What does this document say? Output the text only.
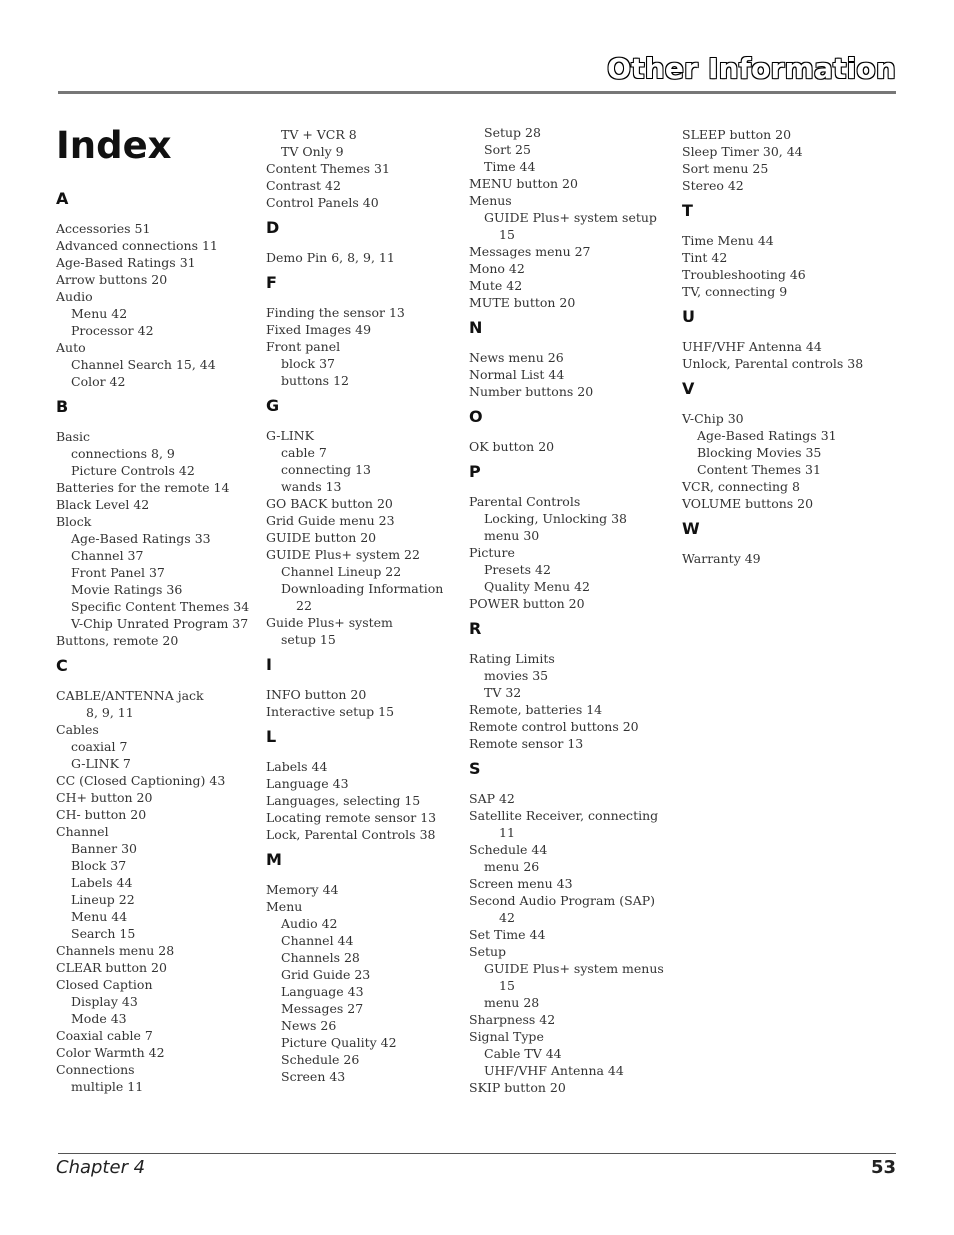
Other Information
Index
A
Accessories 51
Advanced connections 11
Age-Based Ratings 31
Arrow buttons 20
Audio
Menu 42
Processor 42
Auto
Channel Search 15, 44
Color 42
B
Basic
connections 8, 9
Picture Controls 42
Batteries for the remote 14
Black Level 42
Block
Age-Based Ratings 33
Channel 37
Front Panel 37
Movie Ratings 36
Specific Content Themes 34
V-Chip Unrated Program 37
Buttons, remote 20
C
CABLE/ANTENNA jack
8, 9, 11
Cables
coaxial 7
G-LINK 7
CC (Closed Captioning) 43
CH+ button 20
CH- button 20
Channel
Banner 30
Block 37
Labels 44
Lineup 22
Menu 44
Search 15
Channels menu 28
CLEAR button 20
Closed Caption
Display 43
Mode 43
Coaxial cable 7
Color Warmth 42
Connections
multiple 11
TV + VCR 8
TV Only 9
Content Themes 31
Contrast 42
Control Panels 40
D
Demo Pin 6, 8, 9, 11
F
Finding the sensor 13
Fixed Images 49
Front panel
block 37
buttons 12
G
G-LINK
cable 7
connecting 13
wands 13
GO BACK button 20
Grid Guide menu 23
GUIDE button 20
GUIDE Plus+ system 22
Channel Lineup 22
Downloading Information
22
Guide Plus+ system
setup 15
I
INFO button 20
Interactive setup 15
L
Labels 44
Language 43
Languages, selecting 15
Locating remote sensor 13
Lock, Parental Controls 38
M
Memory 44
Menu
Audio 42
Channel 44
Channels 28
Grid Guide 23
Language 43
Messages 27
News 26
Picture Quality 42
Schedule 26
Screen 43
Setup 28
Sort 25
Time 44
MENU button 20
Menus
GUIDE Plus+ system setup
15
Messages menu 27
Mono 42
Mute 42
MUTE button 20
N
News menu 26
Normal List 44
Number buttons 20
O
OK button 20
P
Parental Controls
Locking, Unlocking 38
menu 30
Picture
Presets 42
Quality Menu 42
POWER button 20
R
Rating Limits
movies 35
TV 32
Remote, batteries 14
Remote control buttons 20
Remote sensor 13
S
SAP 42
Satellite Receiver, connecting
11
Schedule 44
menu 26
Screen menu 43
Second Audio Program (SAP)
42
Set Time 44
Setup
GUIDE Plus+ system menus
15
menu 28
Sharpness 42
Signal Type
Cable TV 44
UHF/VHF Antenna 44
SKIP button 20
SLEEP button 20
Sleep Timer 30, 44
Sort menu 25
Stereo 42
T
Time Menu 44
Tint 42
Troubleshooting 46
TV, connecting 9
U
UHF/VHF Antenna 44
Unlock, Parental controls 38
V
V-Chip 30
Age-Based Ratings 31
Blocking Movies 35
Content Themes 31
VCR, connecting 8
VOLUME buttons 20
W
Warranty 49
Chapter 4	53
